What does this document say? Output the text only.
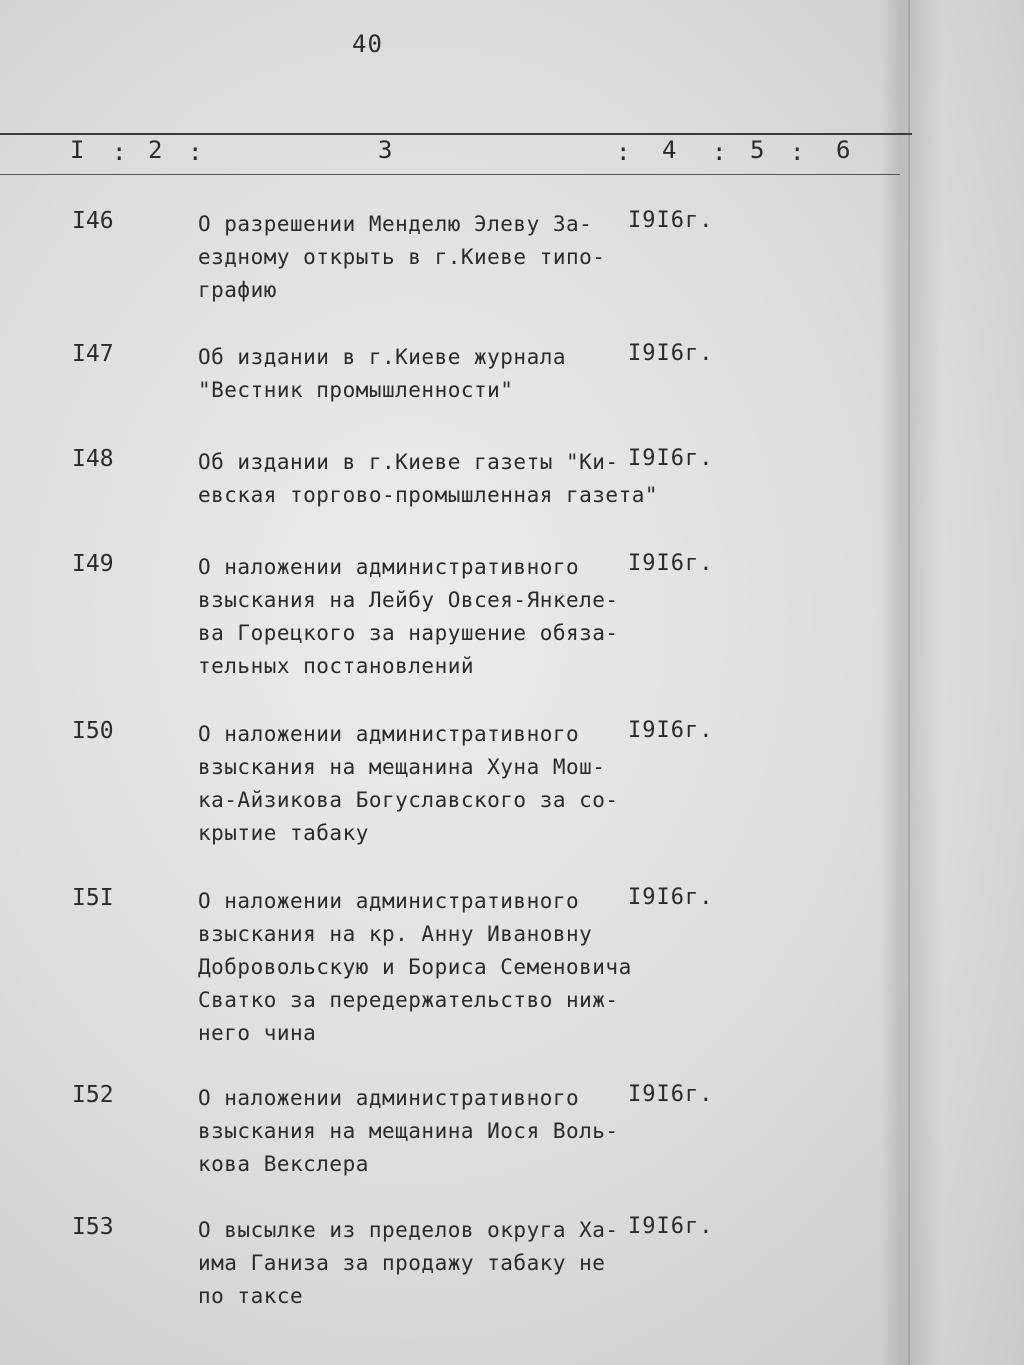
40
I : 2 :	3	: 4 : 5 : 6
I46	О разрешении Менделю Элеву За-
ездному открыть в г.Киеве типо-
графию
I9I6г.
I47	Об издании в г.Киеве журнала
"Вестник промышленности"
I9I6г.
I48	Об издании в г.Киеве газеты "Ки-
евская торгово-промышленная газета"
I9I6г.
I49	О наложении административного
взыскания на Лейбу Овсея-Янкеле-
ва Горецкого за нарушение обяза-
тельных постановлений
I9I6г.
I50	О наложении административного
взыскания на мещанина Хуна Мош-
ка-Айзикова Богуславского за со-
крытие табаку
I9I6г.
I5I	О наложении административного
взыскания на кр. Анну Ивановну
Добровольскую и Бориса Семеновича
Сватко за передержательство ниж-
него чина
I9I6г.
I52	О наложении административного
взыскания на мещанина Иося Воль-
кова Векслера
I9I6г.
I53	О высылке из пределов округа Ха-
има Ганиза за продажу табаку не
по таксе
I9I6г.
